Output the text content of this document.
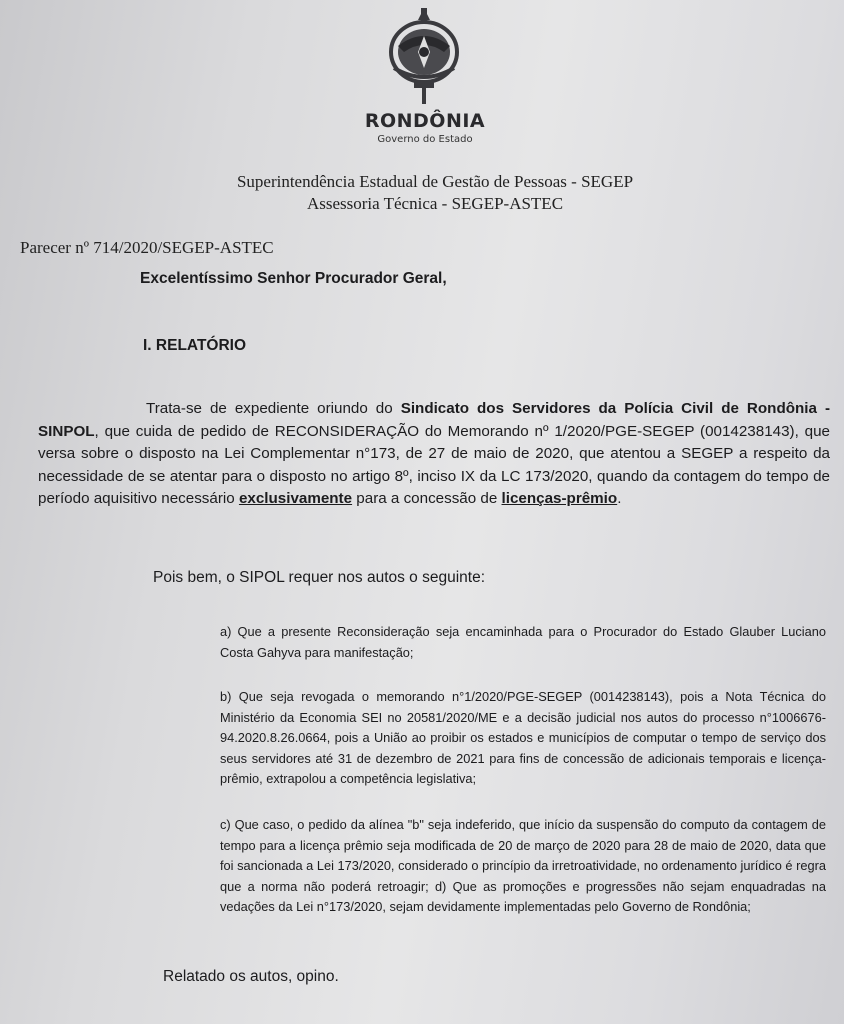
RONDÔNIA
Governo do Estado
Superintendência Estadual de Gestão de Pessoas - SEGEP
Assessoria Técnica - SEGEP-ASTEC
Parecer nº 714/2020/SEGEP-ASTEC
Excelentíssimo Senhor Procurador Geral,
I. RELATÓRIO
Trata-se de expediente oriundo do Sindicato dos Servidores da Polícia Civil de Rondônia - SINPOL, que cuida de pedido de RECONSIDERAÇÃO do Memorando nº 1/2020/PGE-SEGEP (0014238143), que versa sobre o disposto na Lei Complementar n°173, de 27 de maio de 2020, que atentou a SEGEP a respeito da necessidade de se atentar para o disposto no artigo 8º, inciso IX da LC 173/2020, quando da contagem do tempo de período aquisitivo necessário exclusivamente para a concessão de licenças-prêmio.
Pois bem, o SIPOL requer nos autos o seguinte:
a) Que a presente Reconsideração seja encaminhada para o Procurador do Estado Glauber Luciano Costa Gahyva para manifestação;
b) Que seja revogada o memorando n°1/2020/PGE-SEGEP (0014238143), pois a Nota Técnica do Ministério da Economia SEI no 20581/2020/ME e a decisão judicial nos autos do processo n°1006676-94.2020.8.26.0664, pois a União ao proibir os estados e municípios de computar o tempo de serviço dos seus servidores até 31 de dezembro de 2021 para fins de concessão de adicionais temporais e licença-prêmio, extrapolou a competência legislativa;
c) Que caso, o pedido da alínea "b" seja indeferido, que início da suspensão do computo da contagem de tempo para a licença prêmio seja modificada de 20 de março de 2020 para 28 de maio de 2020, data que foi sancionada a Lei 173/2020, considerado o princípio da irretroatividade, no ordenamento jurídico é regra que a norma não poderá retroagir; d) Que as promoções e progressões não sejam enquadradas na vedações da Lei n°173/2020, sejam devidamente implementadas pelo Governo de Rondônia;
Relatado os autos, opino.
